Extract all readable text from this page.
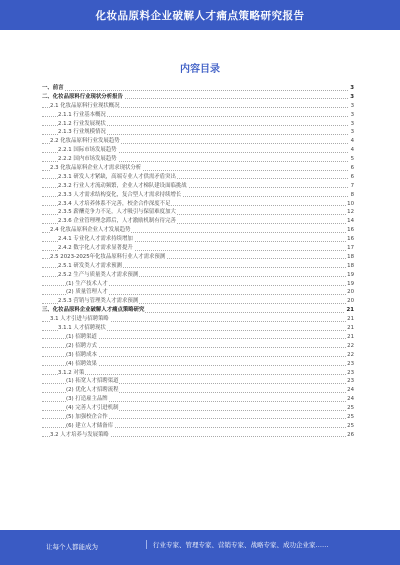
化妆品原料企业破解人才痛点策略研究报告
内容目录
一、前言	3
二、化妆品原料行业现状分析报告	3
2.1 化妆品原料行业现状概况	3
2.1.1 行业基本概况	3
2.1.2 行业发展现状	3
2.1.3 行业规模情况	3
2.2 化妆品原料行业发展趋势	4
2.2.1 国际市场发展趋势	4
2.2.2 国内市场发展趋势	5
2.3 化妆品原料企业人才需求现状分析	6
2.3.1 研发人才紧缺，高端专业人才供需矛盾突出	6
2.3.2 行业人才流动频繁，企业人才梯队建设面临挑战	7
2.3.3 人才需求结构变化，复合型人才需求持续增长	8
2.3.4 人才培养体系不完善，校企合作深度不足	10
2.3.5 薪酬竞争力不足，人才吸引与保留难度加大	12
2.3.6 企业管理理念滞后，人才激励机制有待完善	14
2.4 化妆品原料企业人才发展趋势	16
2.4.1 专业化人才需求持续增加	16
2.4.2 数字化人才需求显著提升	17
2.5 2023-2025年化妆品原料行业人才需求预测	18
2.5.1 研发类人才需求预测	18
2.5.2 生产与质量类人才需求预测	19
(1) 生产技术人才	19
(2) 质量管理人才	20
2.5.3 营销与管理类人才需求预测	20
三、化妆品原料企业破解人才痛点策略研究	21
3.1 人才引进与招聘策略	21
3.1.1 人才招聘现状	21
(1) 招聘渠道	21
(2) 招聘方式	22
(3) 招聘成本	22
(4) 招聘效果	23
3.1.2 对策	23
(1) 拓宽人才招聘渠道	23
(2) 优化人才招聘流程	24
(3) 打造雇主品牌	24
(4) 完善人才引进机制	25
(5) 加强校企合作	25
(6) 建立人才储备库	25
3.2 人才培养与发展策略	26
让每个人都能成为	行业专家、管理专家、营销专家、战略专家、成功企业家……
